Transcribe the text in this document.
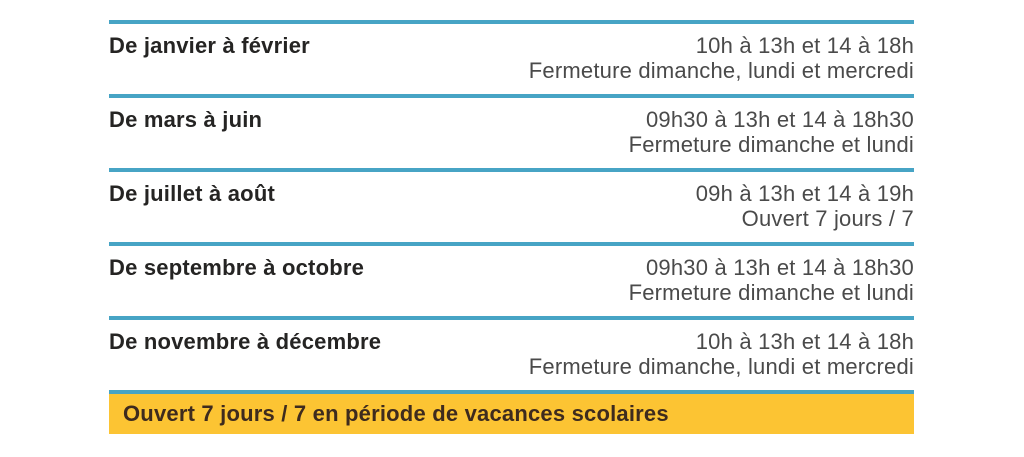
De janvier à février	10h à 13h et 14 à 18h
Fermeture dimanche, lundi et mercredi
De mars à juin	09h30 à 13h et 14 à 18h30
Fermeture dimanche et lundi
De juillet à août	09h à 13h et 14 à 19h
Ouvert 7 jours / 7
De septembre à octobre	09h30 à 13h et 14 à 18h30
Fermeture dimanche et lundi
De novembre à décembre	10h à 13h et 14 à 18h
Fermeture dimanche, lundi et mercredi
Ouvert 7 jours / 7 en période de vacances scolaires
